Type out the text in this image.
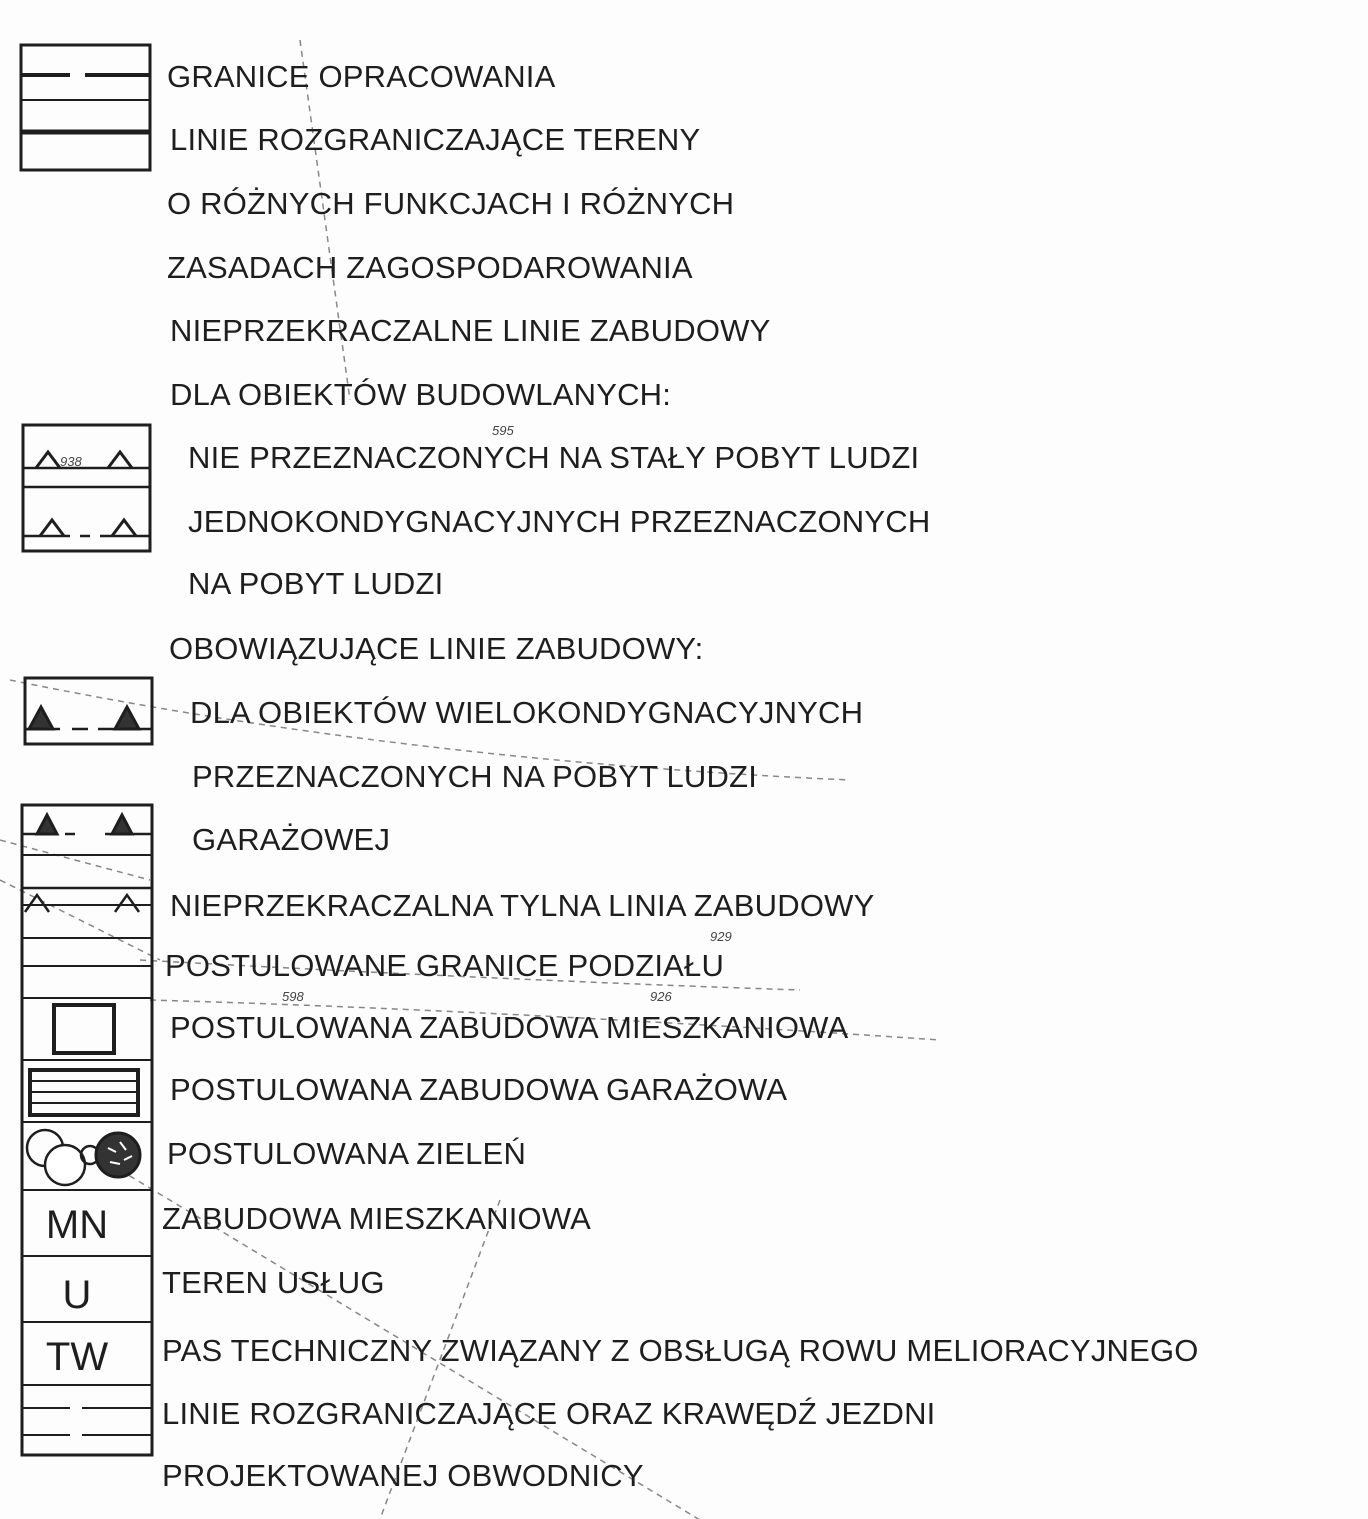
MN
U
TW
GRANICE OPRACOWANIA
LINIE ROZGRANICZAJĄCE TERENY
O RÓŻNYCH FUNKCJACH I RÓŻNYCH
ZASADACH ZAGOSPODAROWANIA
NIEPRZEKRACZALNE LINIE ZABUDOWY
DLA OBIEKTÓW BUDOWLANYCH:
NIE PRZEZNACZONYCH NA STAŁY POBYT LUDZI
JEDNOKONDYGNACYJNYCH PRZEZNACZONYCH
NA POBYT LUDZI
OBOWIĄZUJĄCE LINIE ZABUDOWY:
DLA OBIEKTÓW WIELOKONDYGNACYJNYCH
PRZEZNACZONYCH NA POBYT LUDZI
GARAŻOWEJ
NIEPRZEKRACZALNA TYLNA LINIA ZABUDOWY
POSTULOWANE GRANICE PODZIAŁU
POSTULOWANA ZABUDOWA MIESZKANIOWA
POSTULOWANA ZABUDOWA GARAŻOWA
POSTULOWANA ZIELEŃ
ZABUDOWA MIESZKANIOWA
TEREN USŁUG
PAS TECHNICZNY ZWIĄZANY Z OBSŁUGĄ ROWU MELIORACYJNEGO
LINIE ROZGRANICZAJĄCE ORAZ KRAWĘDŹ JEZDNI
PROJEKTOWANEJ OBWODNICY
938
595
598	926
929
